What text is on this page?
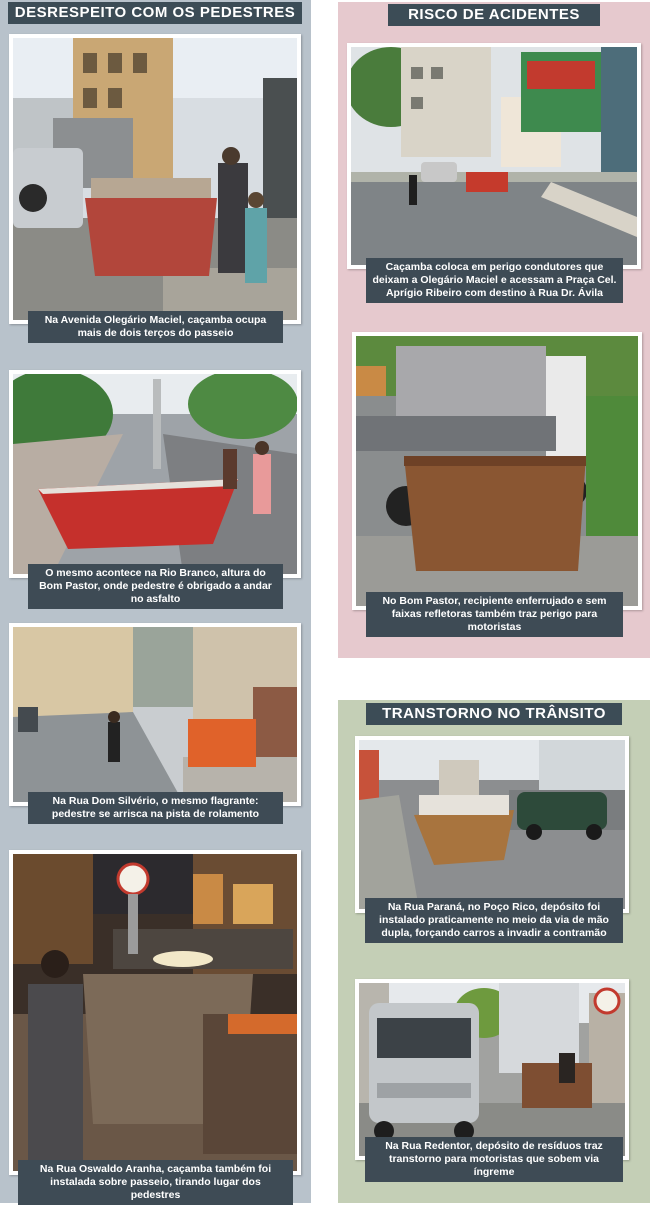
DESRESPEITO COM OS PEDESTRES
Na Avenida Olegário Maciel, caçamba ocupa mais de dois terços do passeio
O mesmo acontece na Rio Branco, altura do Bom Pastor, onde pedestre é obrigado a andar no asfalto
Na Rua Dom Silvério, o mesmo flagrante: pedestre se arrisca na pista de rolamento
Na Rua Oswaldo Aranha, caçamba também foi instalada sobre passeio, tirando lugar dos pedestres
RISCO DE ACIDENTES
Caçamba coloca em perigo condutores que deixam a Olegário Maciel e acessam a Praça Cel. Aprígio Ribeiro com destino à Rua Dr. Ávila
No Bom Pastor, recipiente enferrujado e sem faixas refletoras também traz perigo para motoristas
TRANSTORNO NO TRÂNSITO
Na Rua Paraná, no Poço Rico, depósito foi instalado praticamente no meio da via de mão dupla, forçando carros a invadir a contramão
Na Rua Redentor, depósito de resíduos traz transtorno para motoristas que sobem via íngreme
